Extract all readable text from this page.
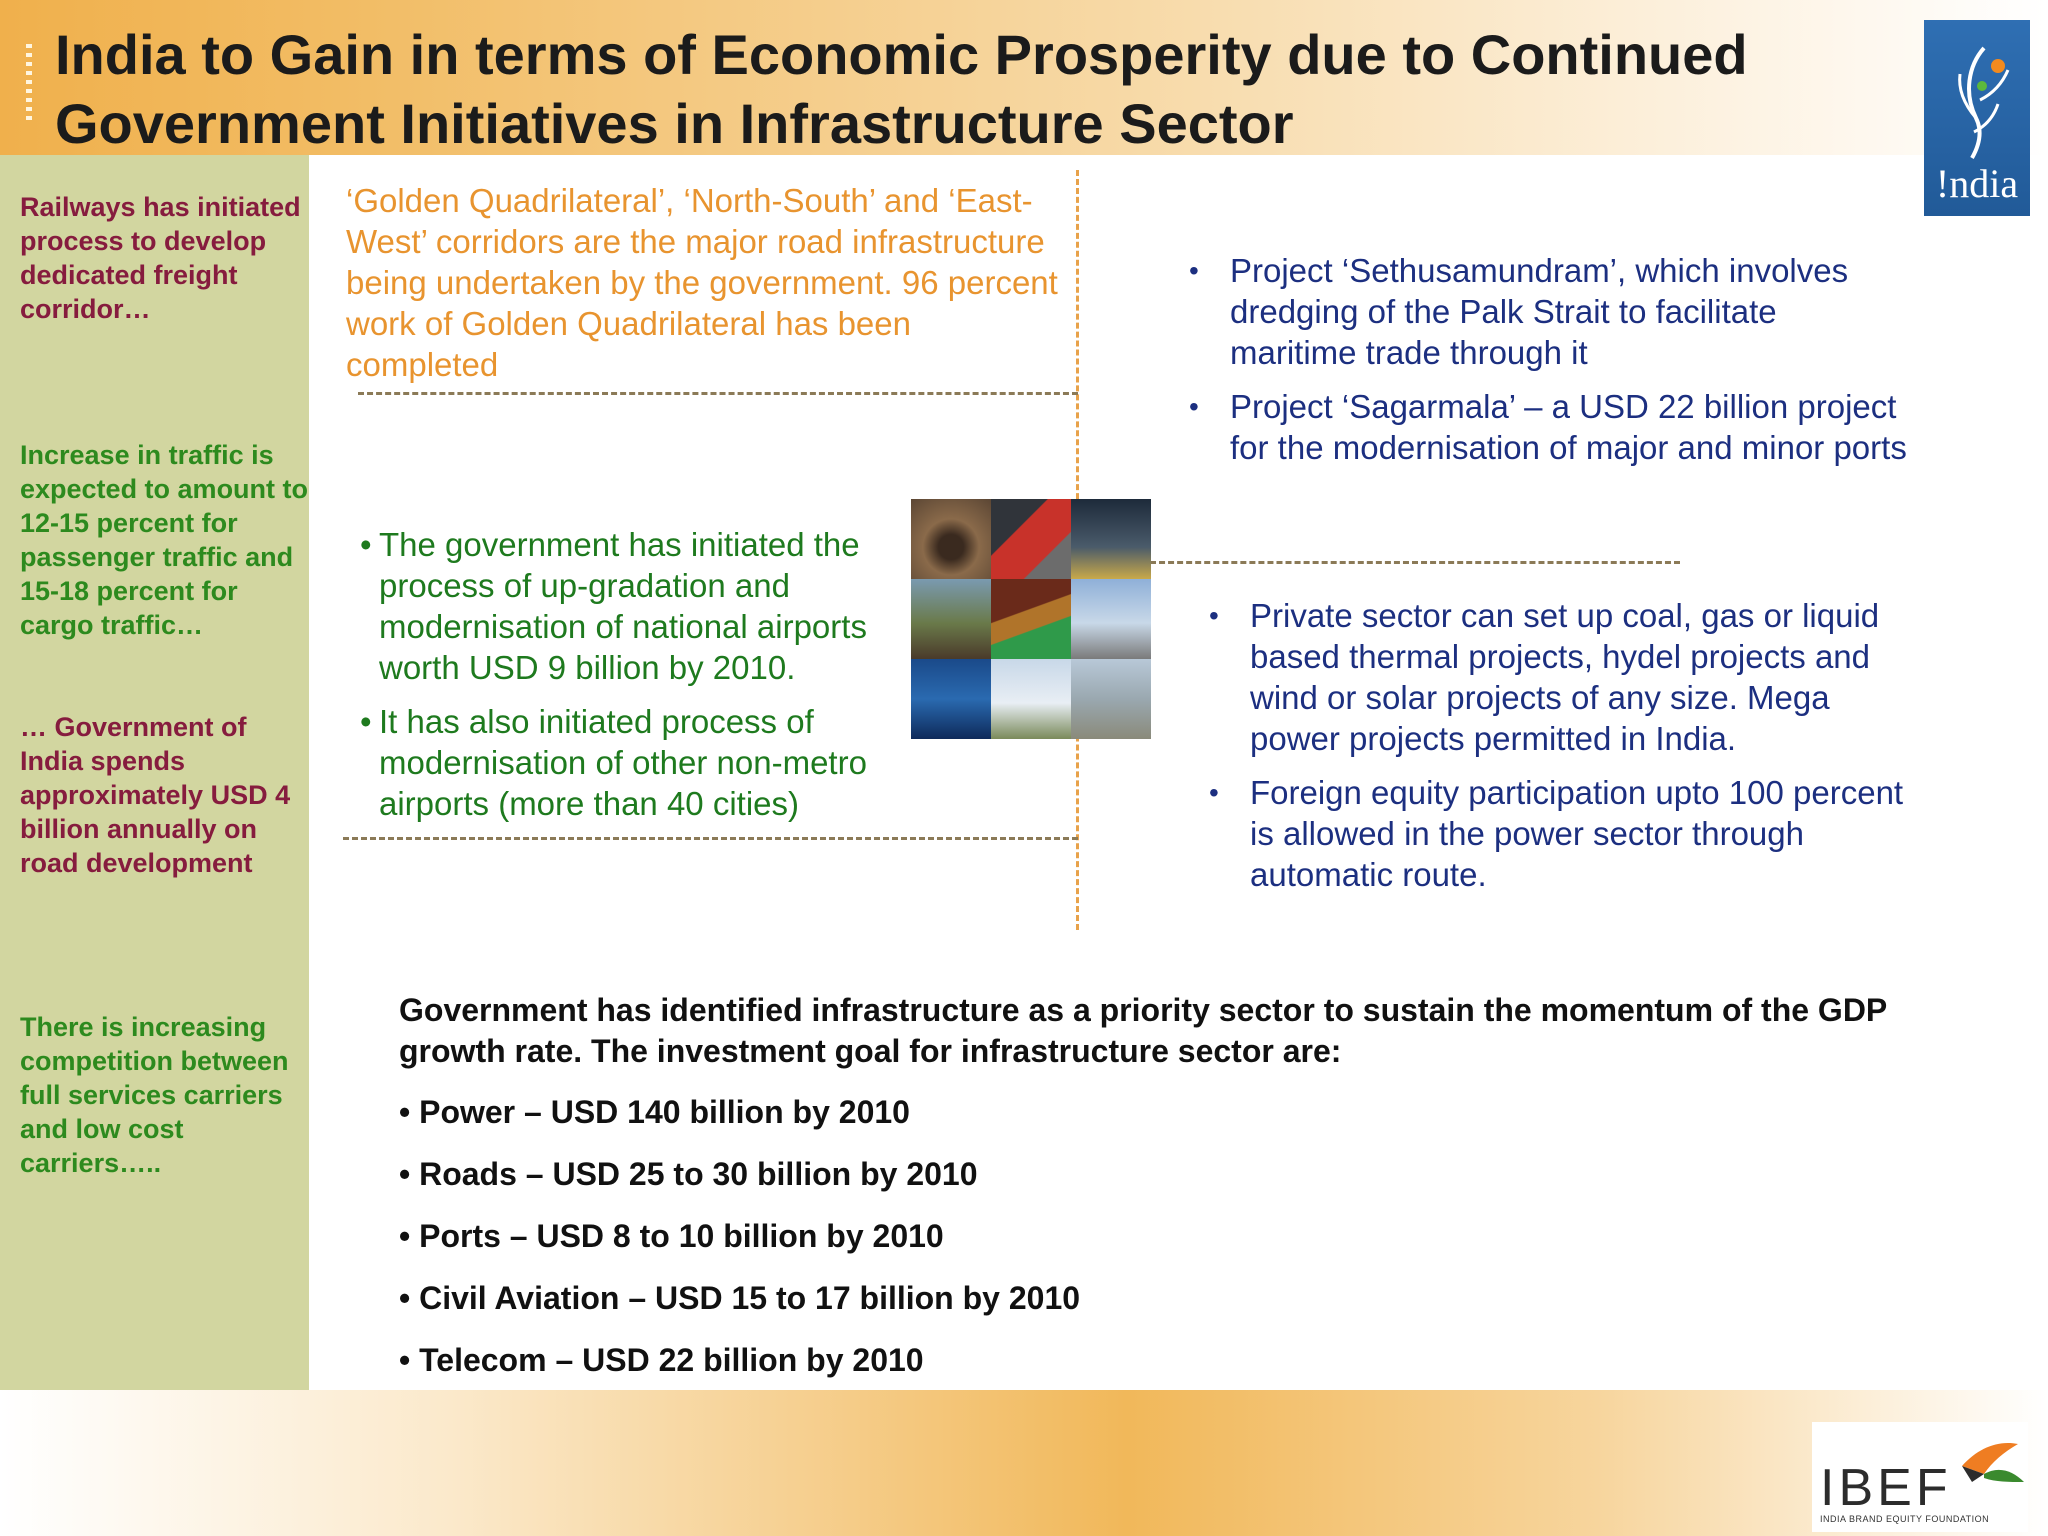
India to Gain in terms of Economic Prosperity due to Continued
Government Initiatives in Infrastructure Sector
!ndia
Railways has initiated process to develop dedicated freight corridor…
Increase in traffic is expected to amount to 12-15 percent for passenger traffic and 15-18 percent for cargo traffic…
… Government of India spends approximately USD 4 billion annually on road development
There is increasing competition between full services carriers and low cost carriers…..

‘Golden Quadrilateral’, ‘North-South’ and ‘East-West’ corridors are the major road infrastructure being undertaken by the government. 96 percent work of Golden Quadrilateral has been completed

• The government has initiated the process of up-gradation and modernisation of national airports worth USD 9 billion by 2010.
• It has also initiated process of modernisation of other non-metro airports (more than 40 cities)
• Project ‘Sethusamundram’, which involves dredging of the Palk Strait to facilitate maritime trade through it
• Project ‘Sagarmala’ – a USD 22 billion project for the modernisation of major and minor ports
• Private sector can set up coal, gas or liquid based thermal projects, hydel projects and wind or solar projects of any size. Mega power projects permitted in India.
• Foreign equity participation upto 100 percent is allowed in the power sector through automatic route.

Government has identified infrastructure as a priority sector to sustain the momentum of the GDP growth rate. The investment goal for infrastructure sector are:

• Power – USD 140 billion by 2010
• Roads – USD 25 to 30 billion by 2010
• Ports – USD 8 to 10 billion by 2010
• Civil Aviation – USD 15 to 17 billion by 2010
• Telecom – USD 22 billion by 2010
IBEF
INDIA BRAND EQUITY FOUNDATION
